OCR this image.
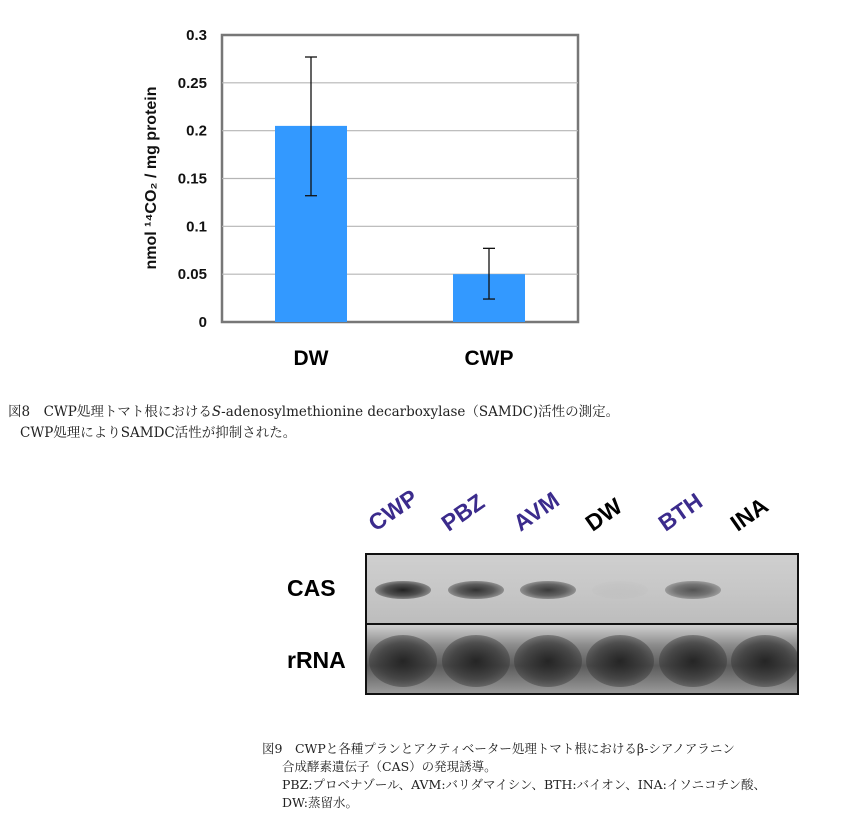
0
0.05
0.1
0.15
0.2
0.25
0.3
DW	CWP
nmol ¹⁴CO₂ / mg protein
図8　CWP処理トマト根におけるS-adenosylmethionine decarboxylase（SAMDC)活性の測定。
CWP処理によりSAMDC活性が抑制された。
CWP PBZ AVM DW BTH INA
CAS
rRNA
図9　CWPと各種プランとアクティベーター処理トマト根におけるβ-シアノアラニン
合成酵素遺伝子（CAS）の発現誘導。
PBZ:プロベナゾール、AVM:バリダマイシン、BTH:バイオン、INA:イソニコチン酸、
DW:蒸留水。
